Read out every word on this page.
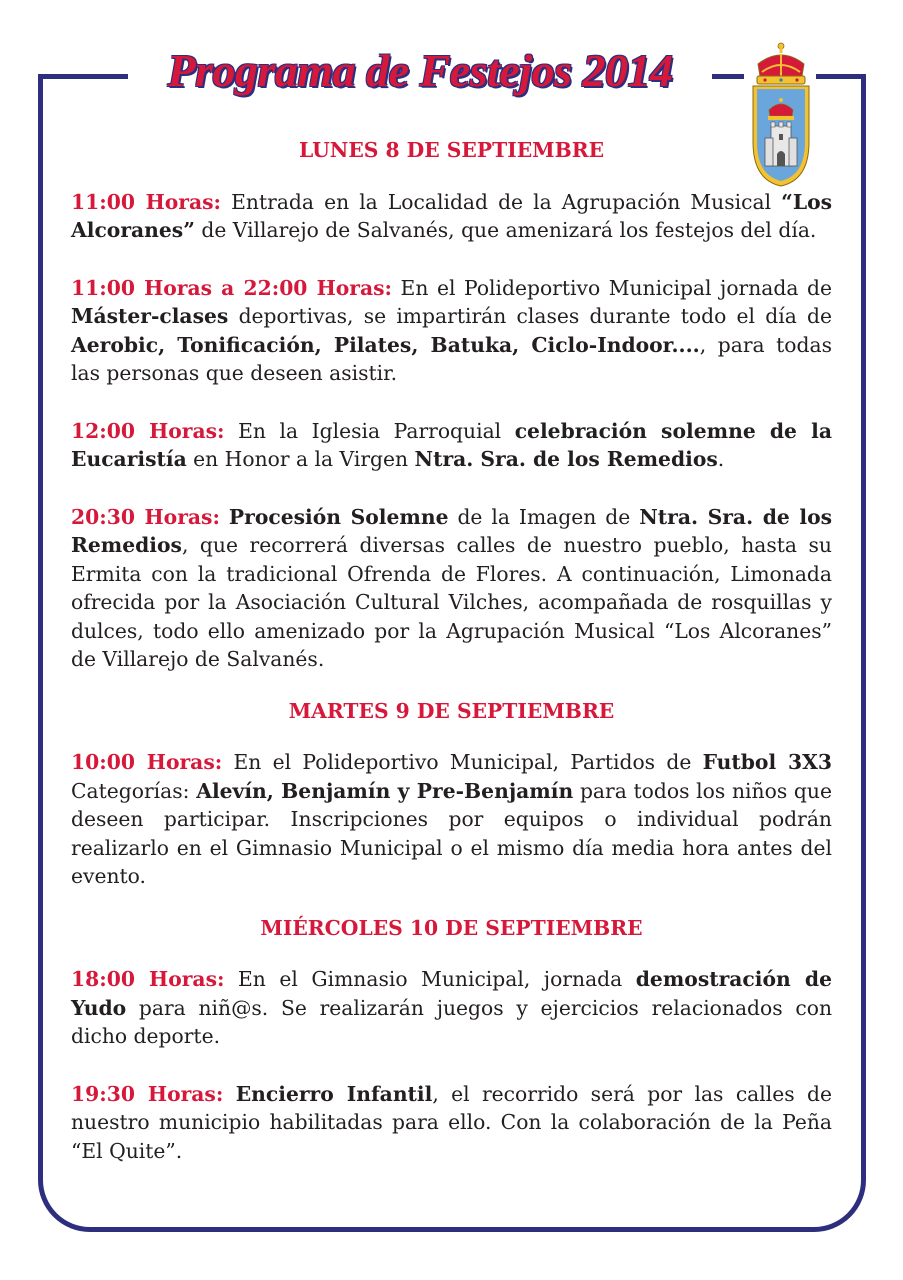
Programa de Festejos 2014
LUNES 8 DE SEPTIEMBRE

11:00 Horas: Entrada en la Localidad de la Agrupación Musical “Los Alcoranes” de Villarejo de Salvanés, que amenizará los festejos del día.

11:00 Horas a 22:00 Horas: En el Polideportivo Municipal jornada de Máster-clases deportivas, se impartirán clases durante todo el día de Aerobic, Tonificación, Pilates, Batuka, Ciclo-Indoor...., para todas las personas que deseen asistir.

12:00 Horas: En la Iglesia Parroquial celebración solemne de la Eucaristía en Honor a la Virgen Ntra. Sra. de los Remedios.

20:30 Horas: Procesión Solemne de la Imagen de Ntra. Sra. de los Remedios, que recorrerá diversas calles de nuestro pueblo, hasta su Ermita con la tradicional Ofrenda de Flores. A continuación, Limonada ofrecida por la Asociación Cultural Vilches, acompañada de rosquillas y dulces, todo ello amenizado por la Agrupación Musical “Los Alcoranes” de Villarejo de Salvanés.

MARTES 9 DE SEPTIEMBRE

10:00 Horas: En el Polideportivo Municipal, Partidos de Futbol 3X3 Categorías: Alevín, Benjamín y Pre-Benjamín para todos los niños que deseen participar. Inscripciones por equipos o individual podrán realizarlo en el Gimnasio Municipal o el mismo día media hora antes del evento.

MIÉRCOLES 10 DE SEPTIEMBRE

18:00 Horas: En el Gimnasio Municipal, jornada demostración de Yudo para niñ@s. Se realizarán juegos y ejercicios relacionados con dicho deporte.

19:30 Horas: Encierro Infantil, el recorrido será por las calles de nuestro municipio habilitadas para ello. Con la colaboración de la Peña “El Quite”.
